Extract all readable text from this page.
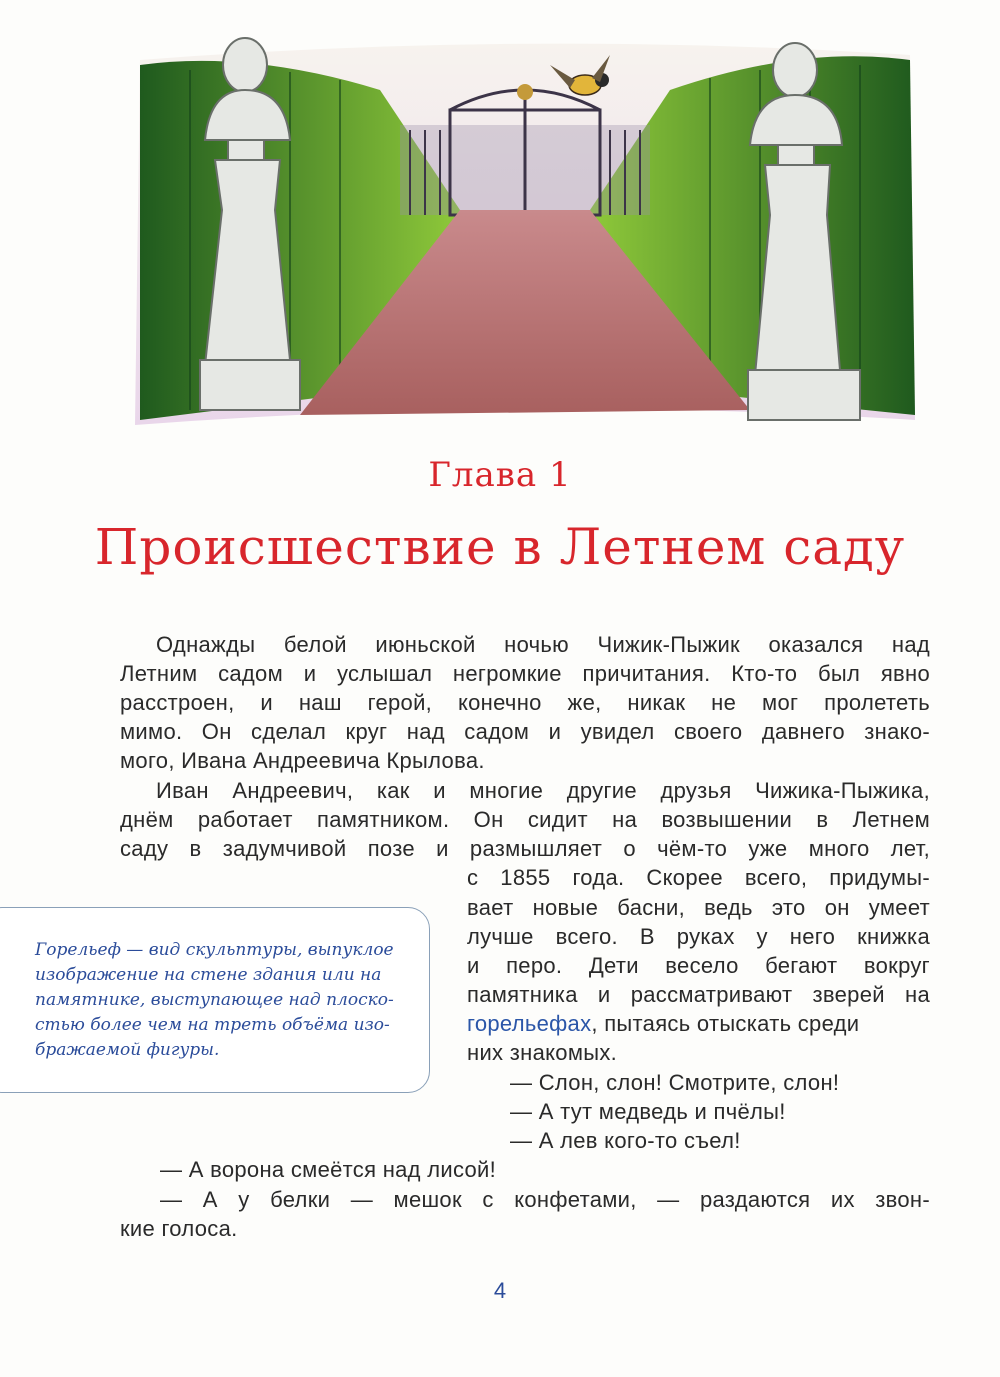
Глава 1
Происшествие в Летнем саду
Однажды белой июньской ночью Чижик-Пыжик оказался над
Летним садом и услышал негромкие причитания. Кто-то был явно
расстроен, и наш герой, конечно же, никак не мог пролететь
мимо. Он сделал круг над садом и увидел своего давнего знако-
мого, Ивана Андреевича Крылова.
Иван Андреевич, как и многие другие друзья Чижика-Пыжика,
днём работает памятником. Он сидит на возвышении в Летнем
саду в задумчивой позе и размышляет о чём-то уже много лет,
с 1855 года. Скорее всего, придумы-
вает новые басни, ведь это он умеет
лучше всего. В руках у него книжка
и перо. Дети весело бегают вокруг
памятника и рассматривают зверей на
горельефах, пытаясь отыскать среди
них знакомых.
— Слон, слон! Смотрите, слон!
— А тут медведь и пчёлы!
— А лев кого-то съел!
— А ворона смеётся над лисой!
— А у белки — мешок с конфетами, — раздаются их звон-
кие голоса.
Горельеф — вид скульптуры, выпуклое
изображение на стене здания или на
памятнике, выступающее над плоско-
стью более чем на треть объёма изо-
бражаемой фигуры.
4
